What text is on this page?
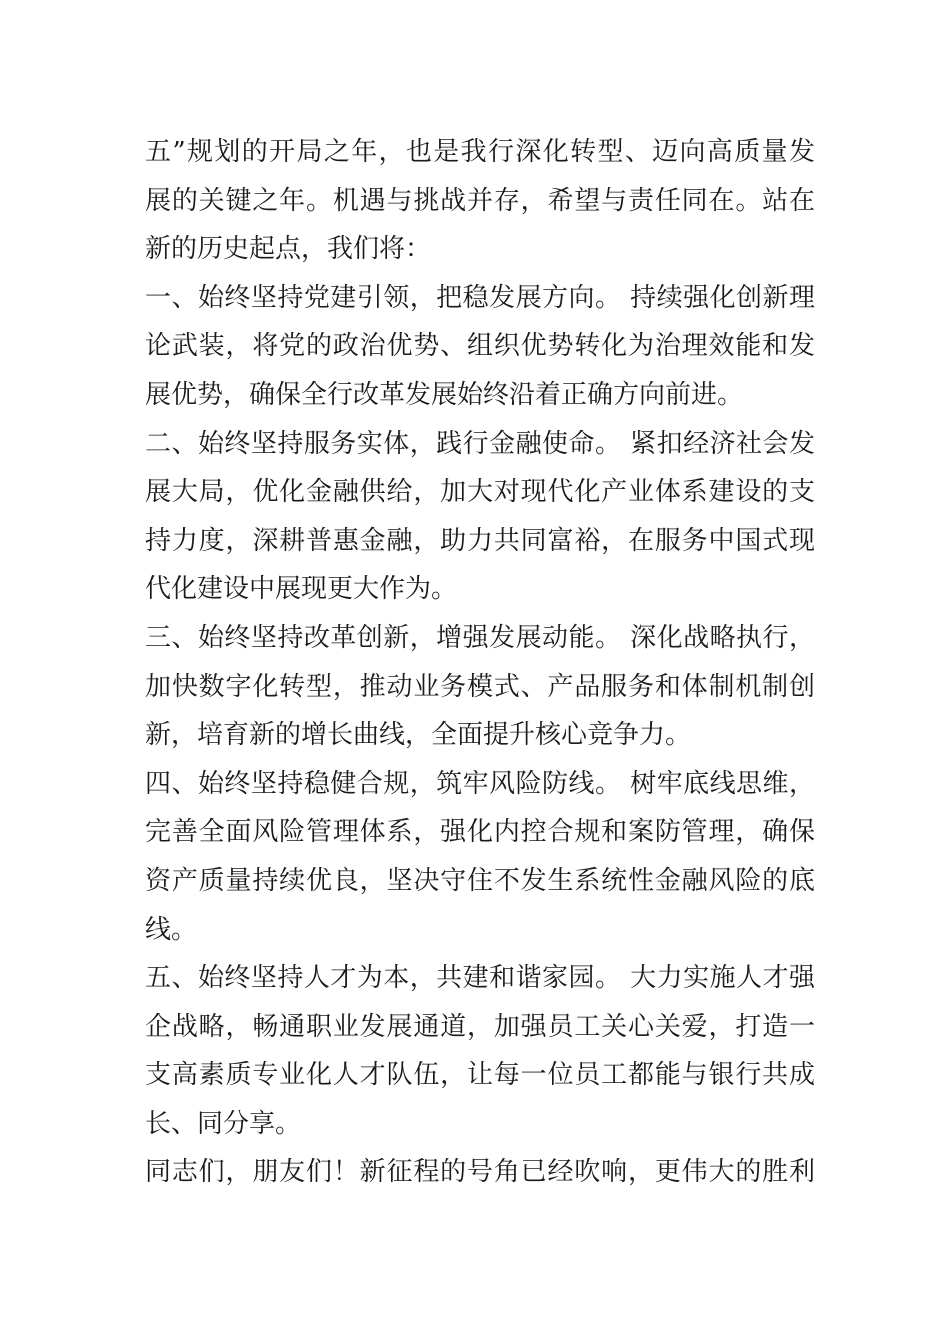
五”规划的开局之年，也是我行深化转型、迈向高质量发
展的关键之年。机遇与挑战并存，希望与责任同在。站在
新的历史起点，我们将：
一、始终坚持党建引领，把稳发展方向。 持续强化创新理
论武装，将党的政治优势、组织优势转化为治理效能和发
展优势，确保全行改革发展始终沿着正确方向前进。
二、始终坚持服务实体，践行金融使命。 紧扣经济社会发
展大局，优化金融供给，加大对现代化产业体系建设的支
持力度，深耕普惠金融，助力共同富裕，在服务中国式现
代化建设中展现更大作为。
三、始终坚持改革创新，增强发展动能。 深化战略执行，
加快数字化转型，推动业务模式、产品服务和体制机制创
新，培育新的增长曲线，全面提升核心竞争力。
四、始终坚持稳健合规，筑牢风险防线。 树牢底线思维，
完善全面风险管理体系，强化内控合规和案防管理，确保
资产质量持续优良，坚决守住不发生系统性金融风险的底
线。
五、始终坚持人才为本，共建和谐家园。 大力实施人才强
企战略，畅通职业发展通道，加强员工关心关爱，打造一
支高素质专业化人才队伍，让每一位员工都能与银行共成
长、同分享。
同志们，朋友们！新征程的号角已经吹响，更伟大的胜利
